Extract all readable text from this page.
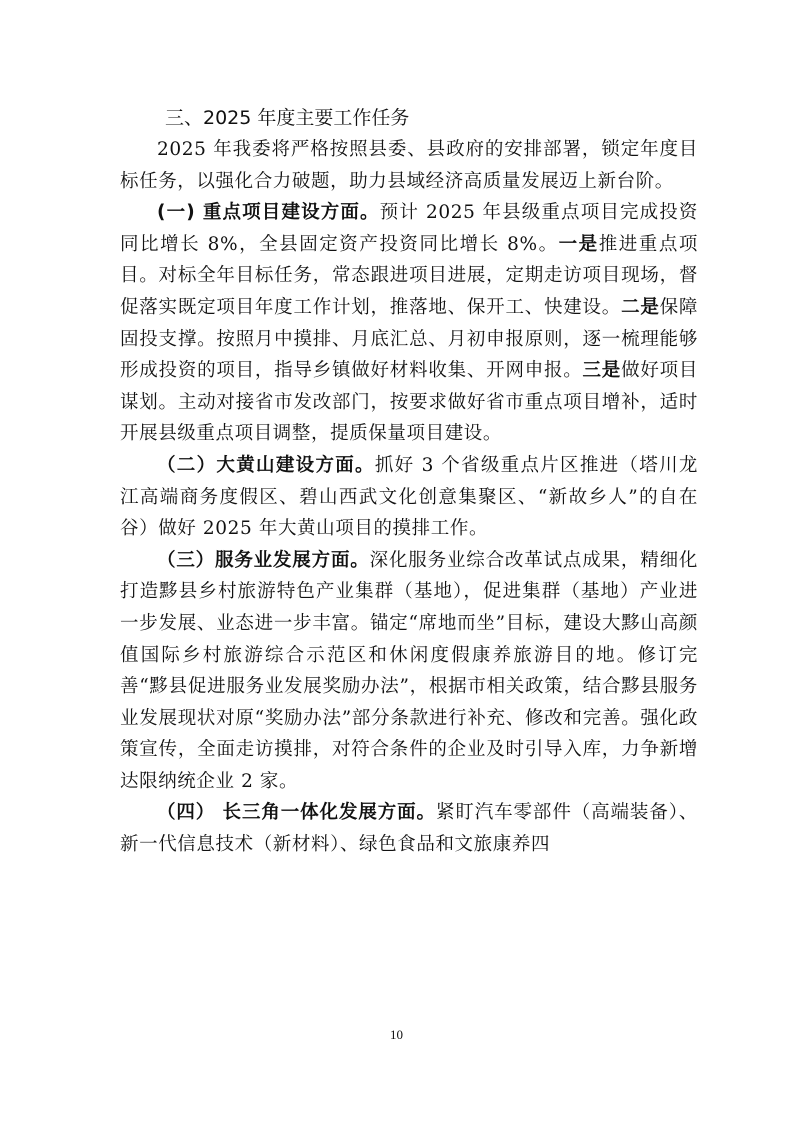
三、2025 年度主要工作任务

2025 年我委将严格按照县委、县政府的安排部署，锁定年度目标任务，以强化合力破题，助力县域经济高质量发展迈上新台阶。

(一) 重点项目建设方面。预计 2025 年县级重点项目完成投资同比增长 8%，全县固定资产投资同比增长 8%。一是推进重点项目。对标全年目标任务，常态跟进项目进展，定期走访项目现场，督促落实既定项目年度工作计划，推落地、保开工、快建设。二是保障固投支撑。按照月中摸排、月底汇总、月初申报原则，逐一梳理能够形成投资的项目，指导乡镇做好材料收集、开网申报。三是做好项目谋划。主动对接省市发改部门，按要求做好省市重点项目增补，适时开展县级重点项目调整，提质保量项目建设。

（二）大黄山建设方面。抓好 3 个省级重点片区推进（塔川龙江高端商务度假区、碧山西武文化创意集聚区、“新故乡人”的自在谷）做好 2025 年大黄山项目的摸排工作。

（三）服务业发展方面。深化服务业综合改革试点成果，精细化打造黟县乡村旅游特色产业集群（基地），促进集群（基地）产业进一步发展、业态进一步丰富。锚定“席地而坐”目标，建设大黟山高颜值国际乡村旅游综合示范区和休闲度假康养旅游目的地。修订完善“黟县促进服务业发展奖励办法”，根据市相关政策，结合黟县服务业发展现状对原“奖励办法”部分条款进行补充、修改和完善。强化政策宣传，全面走访摸排，对符合条件的企业及时引导入库，力争新增达限纳统企业 2 家。

（四） 长三角一体化发展方面。紧盯汽车零部件（高端装备）、新一代信息技术（新材料）、绿色食品和文旅康养四

10
